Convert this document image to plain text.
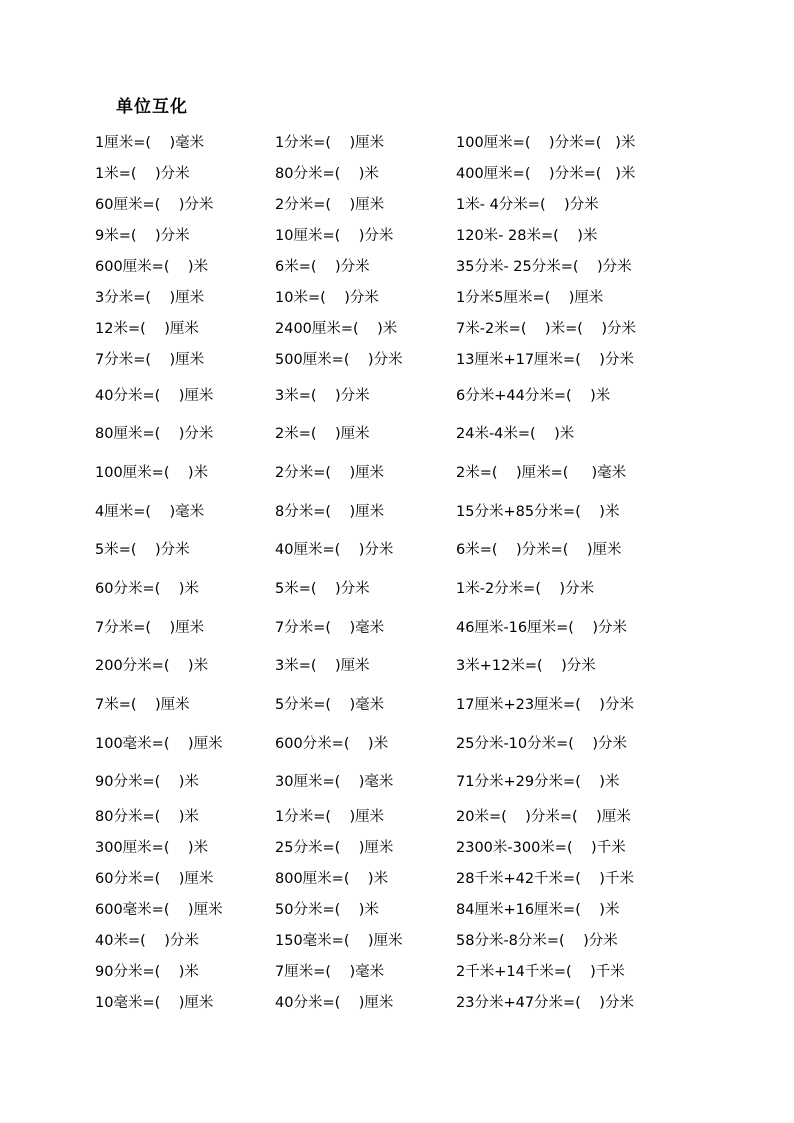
单位互化
1厘米=(    )毫米	1分米=(    )厘米	100厘米=(    )分米=(   )米
1米=(    )分米	80分米=(    )米	400厘米=(    )分米=(   )米
60厘米=(    )分米	2分米=(    )厘米	1米- 4分米=(    )分米
9米=(    )分米	10厘米=(    )分米	120米- 28米=(    )米
600厘米=(    )米	6米=(    )分米	35分米- 25分米=(    )分米
3分米=(    )厘米	10米=(    )分米	1分米5厘米=(    )厘米
12米=(    )厘米	2400厘米=(    )米	7米-2米=(    )米=(    )分米
7分米=(    )厘米	500厘米=(    )分米	13厘米+17厘米=(    )分米
40分米=(    )厘米	3米=(    )分米	6分米+44分米=(    )米
80厘米=(    )分米	2米=(    )厘米	24米-4米=(    )米
100厘米=(    )米	2分米=(    )厘米	2米=(    )厘米=(     )毫米
4厘米=(    )毫米	8分米=(    )厘米	15分米+85分米=(    )米
5米=(    )分米	40厘米=(    )分米	6米=(    )分米=(    )厘米
60分米=(    )米	5米=(    )分米	1米-2分米=(    )分米
7分米=(    )厘米	7分米=(    )毫米	46厘米-16厘米=(    )分米
200分米=(    )米	3米=(    )厘米	3米+12米=(    )分米
7米=(    )厘米	5分米=(    )毫米	17厘米+23厘米=(    )分米
100毫米=(    )厘米	600分米=(    )米	25分米-10分米=(    )分米
90分米=(    )米	30厘米=(    )毫米	71分米+29分米=(    )米
80分米=(    )米	1分米=(    )厘米	20米=(    )分米=(    )厘米
300厘米=(    )米	25分米=(    )厘米	2300米-300米=(    )千米
60分米=(    )厘米	800厘米=(    )米	28千米+42千米=(    )千米
600毫米=(    )厘米	50分米=(    )米	84厘米+16厘米=(    )米
40米=(    )分米	150毫米=(    )厘米	58分米-8分米=(    )分米
90分米=(    )米	7厘米=(    )毫米	2千米+14千米=(    )千米
10毫米=(    )厘米	40分米=(    )厘米	23分米+47分米=(    )分米
